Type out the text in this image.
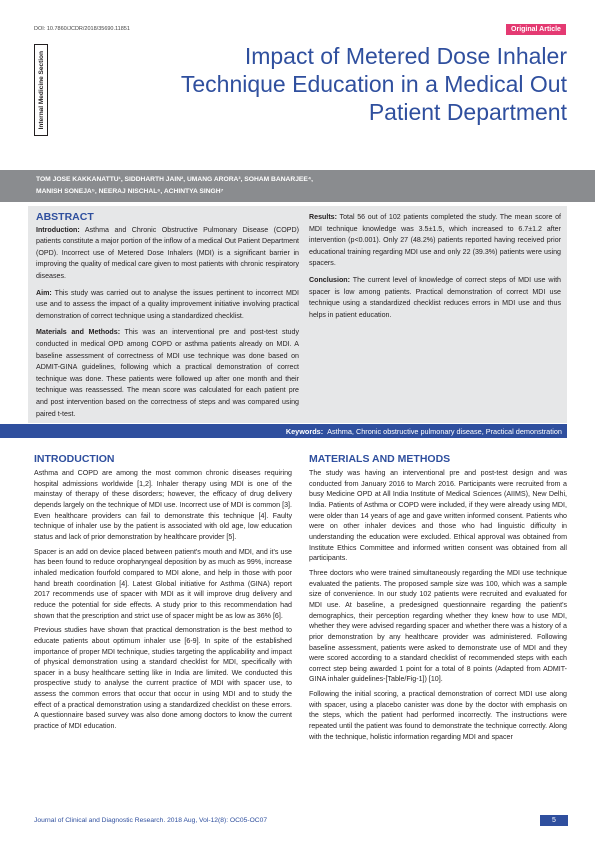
DOI: 10.7860/JCDR/2018/35690.11851	Original Article
Internal Medicine Section	Impact of Metered Dose Inhaler Technique Education in a Medical Out Patient Department
TOM JOSE KAKKANATTU¹, SIDDHARTH JAIN², UMANG ARORA³, SOHAM BANARJEE⁴,
MANISH SONEJA⁵, NEERAJ NISCHAL⁶, ACHINTYA SINGH⁷
ABSTRACT

Introduction: Asthma and Chronic Obstructive Pulmonary Disease (COPD) patients constitute a major portion of the inflow of a medical Out Patient Department (OPD). Incorrect use of Metered Dose Inhalers (MDI) is a significant barrier in improving the quality of medical care given to most patients with chronic respiratory diseases.

Aim: This study was carried out to analyse the issues pertinent to incorrect MDI use and to assess the impact of a quality improvement initiative involving practical demonstration of correct technique using a standardized checklist.

Materials and Methods: This was an interventional pre and post-test study conducted in medical OPD among COPD or asthma patients already on MDI. A baseline assessment of correctness of MDI use technique was done based on ADMIT-GINA guidelines, following which a practical demonstration of correct technique was done. These patients were followed up after one month and their technique was reassessed. The mean score was calculated for each patient pre and post intervention based on the correctness of steps and was compared using paired t-test.

Results: Total 56 out of 102 patients completed the study. The mean score of MDI technique knowledge was 3.5±1.5, which increased to 6.7±1.2 after intervention (p<0.001). Only 27 (48.2%) patients reported having received prior educational training regarding MDI use and only 22 (39.3%) patients were using spacers.

Conclusion: The current level of knowledge of correct steps of MDI use with spacer is low among patients. Practical demonstration of correct MDI use technique using a standardized checklist reduces errors in MDI use and thus helps in patient education.

Keywords: Asthma, Chronic obstructive pulmonary disease, Practical demonstration
INTRODUCTION

Asthma and COPD are among the most common chronic diseases requiring hospital admissions worldwide [1,2]. Inhaler therapy using MDI is one of the mainstay of therapy of these disorders; however, the efficacy of drug delivery depends largely on the technique of MDI use. Incorrect use of MDI is common [3]. Even healthcare providers can fail to demonstrate this technique [4]. Faulty technique of inhaler use by the patient is associated with old age, low education status and lack of prior demonstration by healthcare provider [5].

Spacer is an add on device placed between patient's mouth and MDI, and it's use has been found to reduce oropharyngeal deposition by as much as 99%, increase inhaled medication fourfold compared to MDI alone, and help in those with poor hand breath coordination [4]. Latest Global initiative for Asthma (GINA) report 2017 recommends use of spacer with MDI as it will improve drug delivery and reduce the potential for side effects. A study prior to this recommendation had shown that the prescription and strict use of spacer might be as low as 36% [6].

Previous studies have shown that practical demonstration is the best method to educate patients about optimum inhaler use [6-9]. In spite of the established importance of proper MDI technique, studies targeting the applicability and impact of physical demonstration using a standard checklist for MDI, specifically with spacer in a busy healthcare setting like in India are limited. We conducted this prospective study to analyse the current practice of MDI with spacer use, to assess the common errors that occur that occur in using MDI and to study the effect of a practical demonstration using a standardized checklist on these errors. A questionnaire based survey was also done among doctors to know the current practice of MDI education.

MATERIALS AND METHODS

The study was having an interventional pre and post-test design and was conducted from January 2016 to March 2016. Participants were recruited from a busy Medicine OPD at All India Institute of Medical Sciences (AIIMS), New Delhi, India. Patients of Asthma or COPD were included, if they were already using MDI, were older than 14 years of age and gave written informed consent. Patients who were on other inhaler devices and those who had linguistic difficulty in understanding the education were excluded. Ethical approval was obtained from Institute Ethics Committee and informed written consent was obtained from all participants.

Three doctors who were trained simultaneously regarding the MDI use technique evaluated the patients. The proposed sample size was 100, which was a sample size of convenience. In our study 102 patients were recruited and evaluated for MDI use. At baseline, a predesigned questionnaire regarding the patient's demographics, their perception regarding whether they knew how to use MDI, whether they were advised regarding spacer and whether there was a history of a prior demonstration by any healthcare provider was administered. Following baseline assessment, patients were asked to demonstrate use of MDI and they were scored according to a standard checklist of recommended steps with each correct step being awarded 1 point for a total of 8 points (Adapted from ADMIT-GINA inhaler guidelines-[Table/Fig-1]) [10].

Following the initial scoring, a practical demonstration of correct MDI use along with spacer, using a placebo canister was done by the doctor with emphasis on the steps, which the patient had performed incorrectly. The instructions were repeated until the patient was found to demonstrate the technique correctly. Along with the technique, holistic information regarding MDI and spacer

Journal of Clinical and Diagnostic Research. 2018 Aug, Vol-12(8): OC05-OC07	5
